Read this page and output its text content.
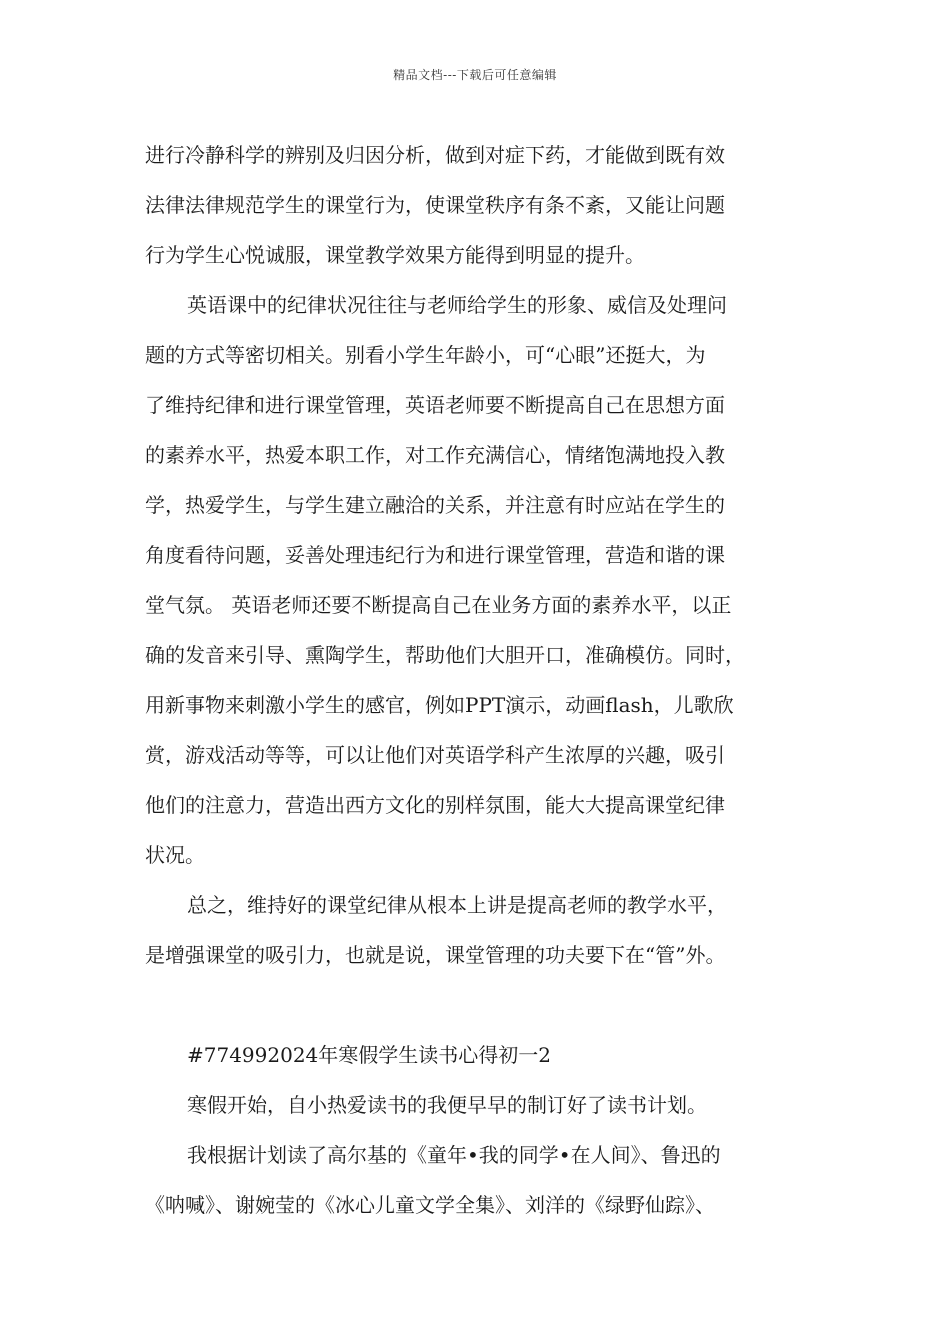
精品文档---下载后可任意编辑
进行冷静科学的辨别及归因分析，做到对症下药，才能做到既有效
法律法律规范学生的课堂行为，使课堂秩序有条不紊，又能让问题
行为学生心悦诚服，课堂教学效果方能得到明显的提升。
英语课中的纪律状况往往与老师给学生的形象、威信及处理问
题的方式等密切相关。别看小学生年龄小，可“心眼”还挺大，为
了维持纪律和进行课堂管理，英语老师要不断提高自己在思想方面
的素养水平，热爱本职工作，对工作充满信心，情绪饱满地投入教
学，热爱学生，与学生建立融洽的关系，并注意有时应站在学生的
角度看待问题，妥善处理违纪行为和进行课堂管理，营造和谐的课
堂气氛。 英语老师还要不断提高自己在业务方面的素养水平，以正
确的发音来引导、熏陶学生，帮助他们大胆开口，准确模仿。同时，
用新事物来刺激小学生的感官，例如PPT演示，动画flash，儿歌欣
赏，游戏活动等等，可以让他们对英语学科产生浓厚的兴趣，吸引
他们的注意力，营造出西方文化的别样氛围，能大大提高课堂纪律
状况。
总之，维持好的课堂纪律从根本上讲是提高老师的教学水平，
是增强课堂的吸引力，也就是说，课堂管理的功夫要下在“管”外。
#774992024年寒假学生读书心得初一2
寒假开始，自小热爱读书的我便早早的制订好了读书计划。
我根据计划读了高尔基的《童年•我的同学•在人间》、鲁迅的
《呐喊》、谢婉莹的《冰心儿童文学全集》、刘洋的《绿野仙踪》、
